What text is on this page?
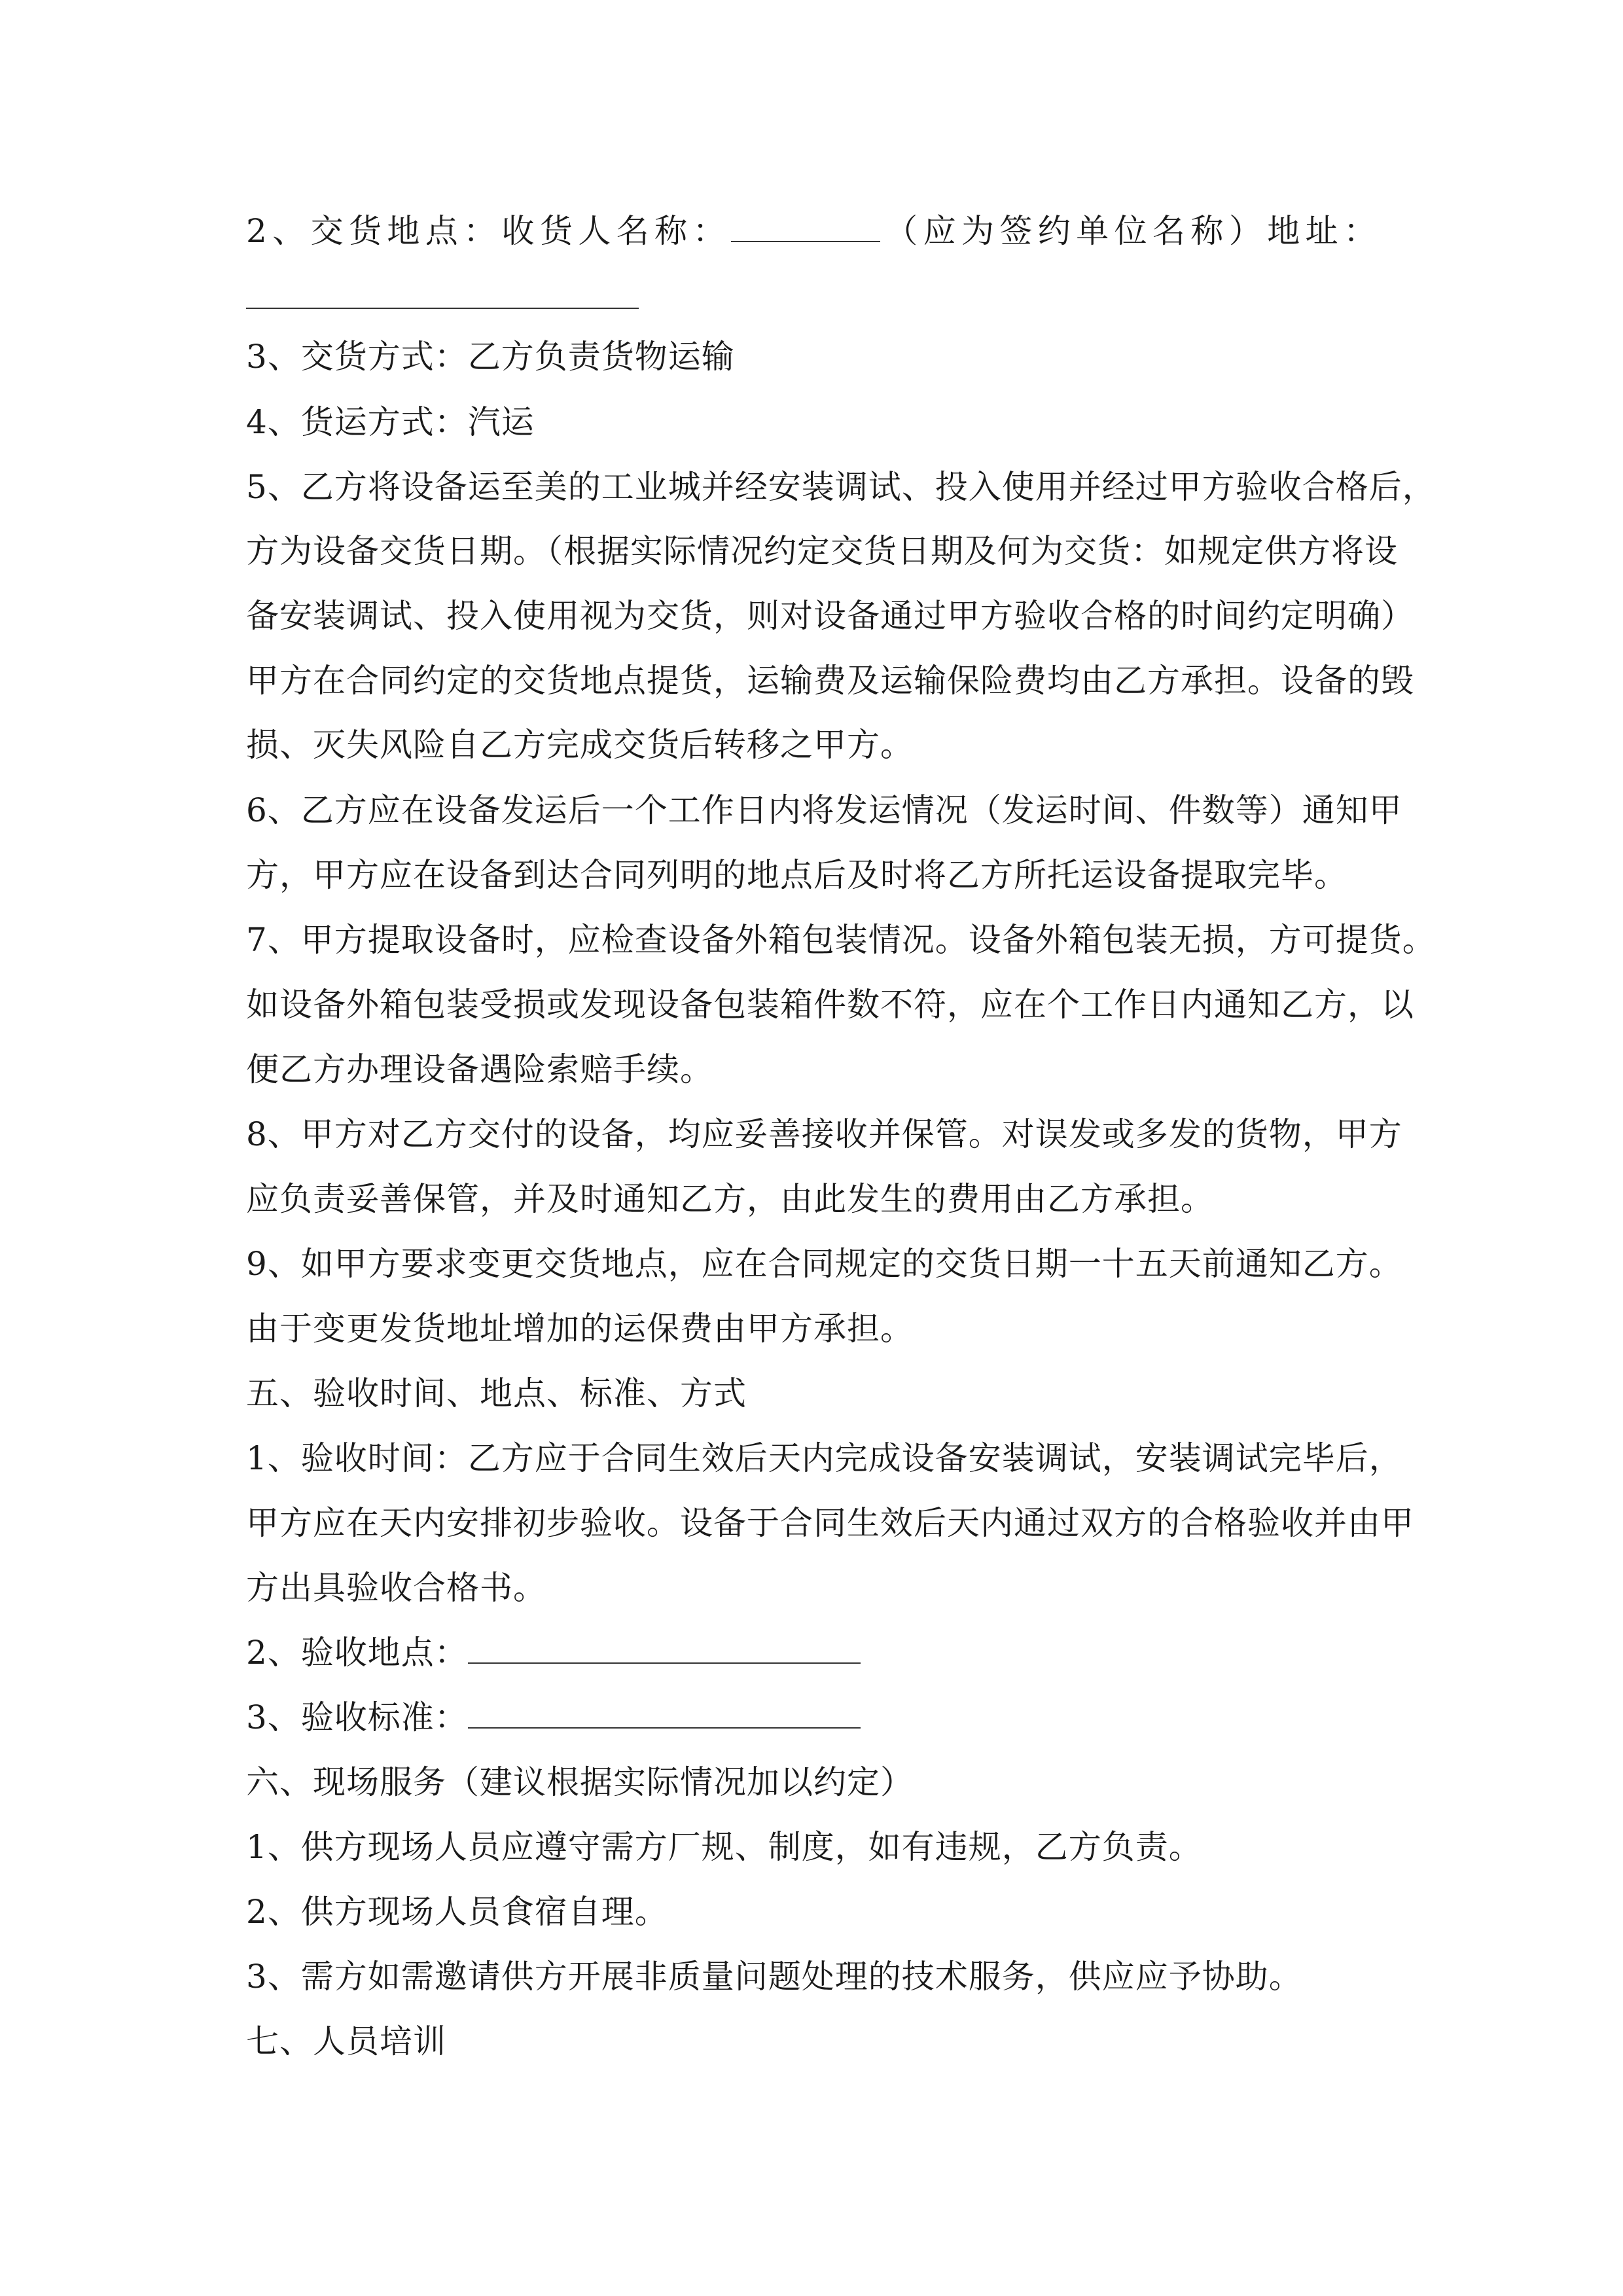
2、交货地点：收货人名称：	（应为签约单位名称）地址：
3、交货方式：乙方负责货物运输
4、货运方式：汽运
5、乙方将设备运至美的工业城并经安装调试、投入使用并经过甲方验收合格后，
方为设备交货日期。（根据实际情况约定交货日期及何为交货：如规定供方将设
备安装调试、投入使用视为交货，则对设备通过甲方验收合格的时间约定明确）
甲方在合同约定的交货地点提货，运输费及运输保险费均由乙方承担。设备的毁
损、灭失风险自乙方完成交货后转移之甲方。
6、乙方应在设备发运后一个工作日内将发运情况（发运时间、件数等）通知甲
方，甲方应在设备到达合同列明的地点后及时将乙方所托运设备提取完毕。
7、甲方提取设备时，应检查设备外箱包装情况。设备外箱包装无损，方可提货。
如设备外箱包装受损或发现设备包装箱件数不符，应在个工作日内通知乙方，以
便乙方办理设备遇险索赔手续。
8、甲方对乙方交付的设备，均应妥善接收并保管。对误发或多发的货物，甲方
应负责妥善保管，并及时通知乙方，由此发生的费用由乙方承担。
9、如甲方要求变更交货地点，应在合同规定的交货日期一十五天前通知乙方。
由于变更发货地址增加的运保费由甲方承担。
五、验收时间、地点、标准、方式
1、验收时间：乙方应于合同生效后天内完成设备安装调试，安装调试完毕后，
甲方应在天内安排初步验收。设备于合同生效后天内通过双方的合格验收并由甲
方出具验收合格书。
2、验收地点：
3、验收标准：
六、现场服务（建议根据实际情况加以约定）
1、供方现场人员应遵守需方厂规、制度，如有违规，乙方负责。
2、供方现场人员食宿自理。
3、需方如需邀请供方开展非质量问题处理的技术服务，供应应予协助。
七、人员培训
